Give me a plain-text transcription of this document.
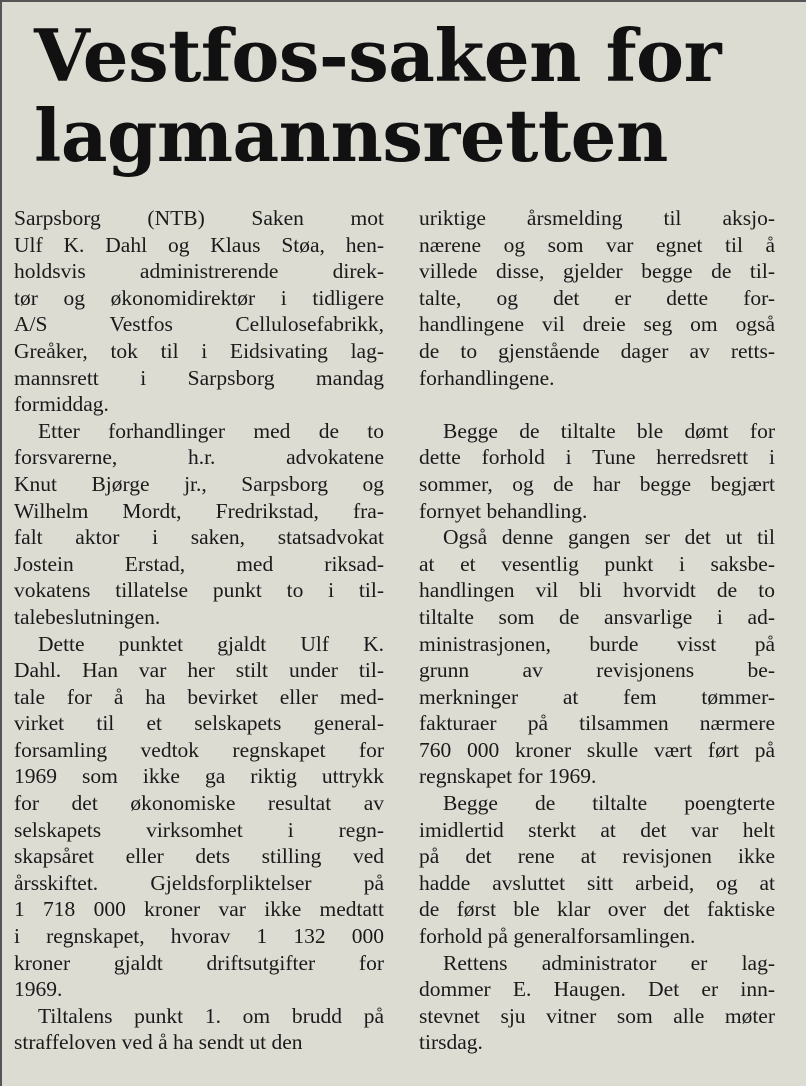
Vestfos-saken for
lagmannsretten
Sarpsborg (NTB) Saken mot
Ulf K. Dahl og Klaus Støa, hen-
holdsvis administrerende direk-
tør og økonomidirektør i tidligere
A/S Vestfos Cellulosefabrikk,
Greåker, tok til i Eidsivating lag-
mannsrett i Sarpsborg mandag
formiddag.
Etter forhandlinger med de to
forsvarerne, h.r. advokatene
Knut Bjørge jr., Sarpsborg og
Wilhelm Mordt, Fredrikstad, fra-
falt aktor i saken, statsadvokat
Jostein Erstad, med riksad-
vokatens tillatelse punkt to i til-
talebeslutningen.
Dette punktet gjaldt Ulf K.
Dahl. Han var her stilt under til-
tale for å ha bevirket eller med-
virket til et selskapets general-
forsamling vedtok regnskapet for
1969 som ikke ga riktig uttrykk
for det økonomiske resultat av
selskapets virksomhet i regn-
skapsåret eller dets stilling ved
årsskiftet. Gjeldsforpliktelser på
1 718 000 kroner var ikke medtatt
i regnskapet, hvorav 1 132 000
kroner gjaldt driftsutgifter for
1969.
Tiltalens punkt 1. om brudd på
straffeloven ved å ha sendt ut den
uriktige årsmelding til aksjo-
nærene og som var egnet til å
villede disse, gjelder begge de til-
talte, og det er dette for-
handlingene vil dreie seg om også
de to gjenstående dager av retts-
forhandlingene.
Begge de tiltalte ble dømt for
dette forhold i Tune herredsrett i
sommer, og de har begge begjært
fornyet behandling.
Også denne gangen ser det ut til
at et vesentlig punkt i saksbe-
handlingen vil bli hvorvidt de to
tiltalte som de ansvarlige i ad-
ministrasjonen, burde visst på
grunn av revisjonens be-
merkninger at fem tømmer-
fakturaer på tilsammen nærmere
760 000 kroner skulle vært ført på
regnskapet for 1969.
Begge de tiltalte poengterte
imidlertid sterkt at det var helt
på det rene at revisjonen ikke
hadde avsluttet sitt arbeid, og at
de først ble klar over det faktiske
forhold på generalforsamlingen.
Rettens administrator er lag-
dommer E. Haugen. Det er inn-
stevnet sju vitner som alle møter
tirsdag.
